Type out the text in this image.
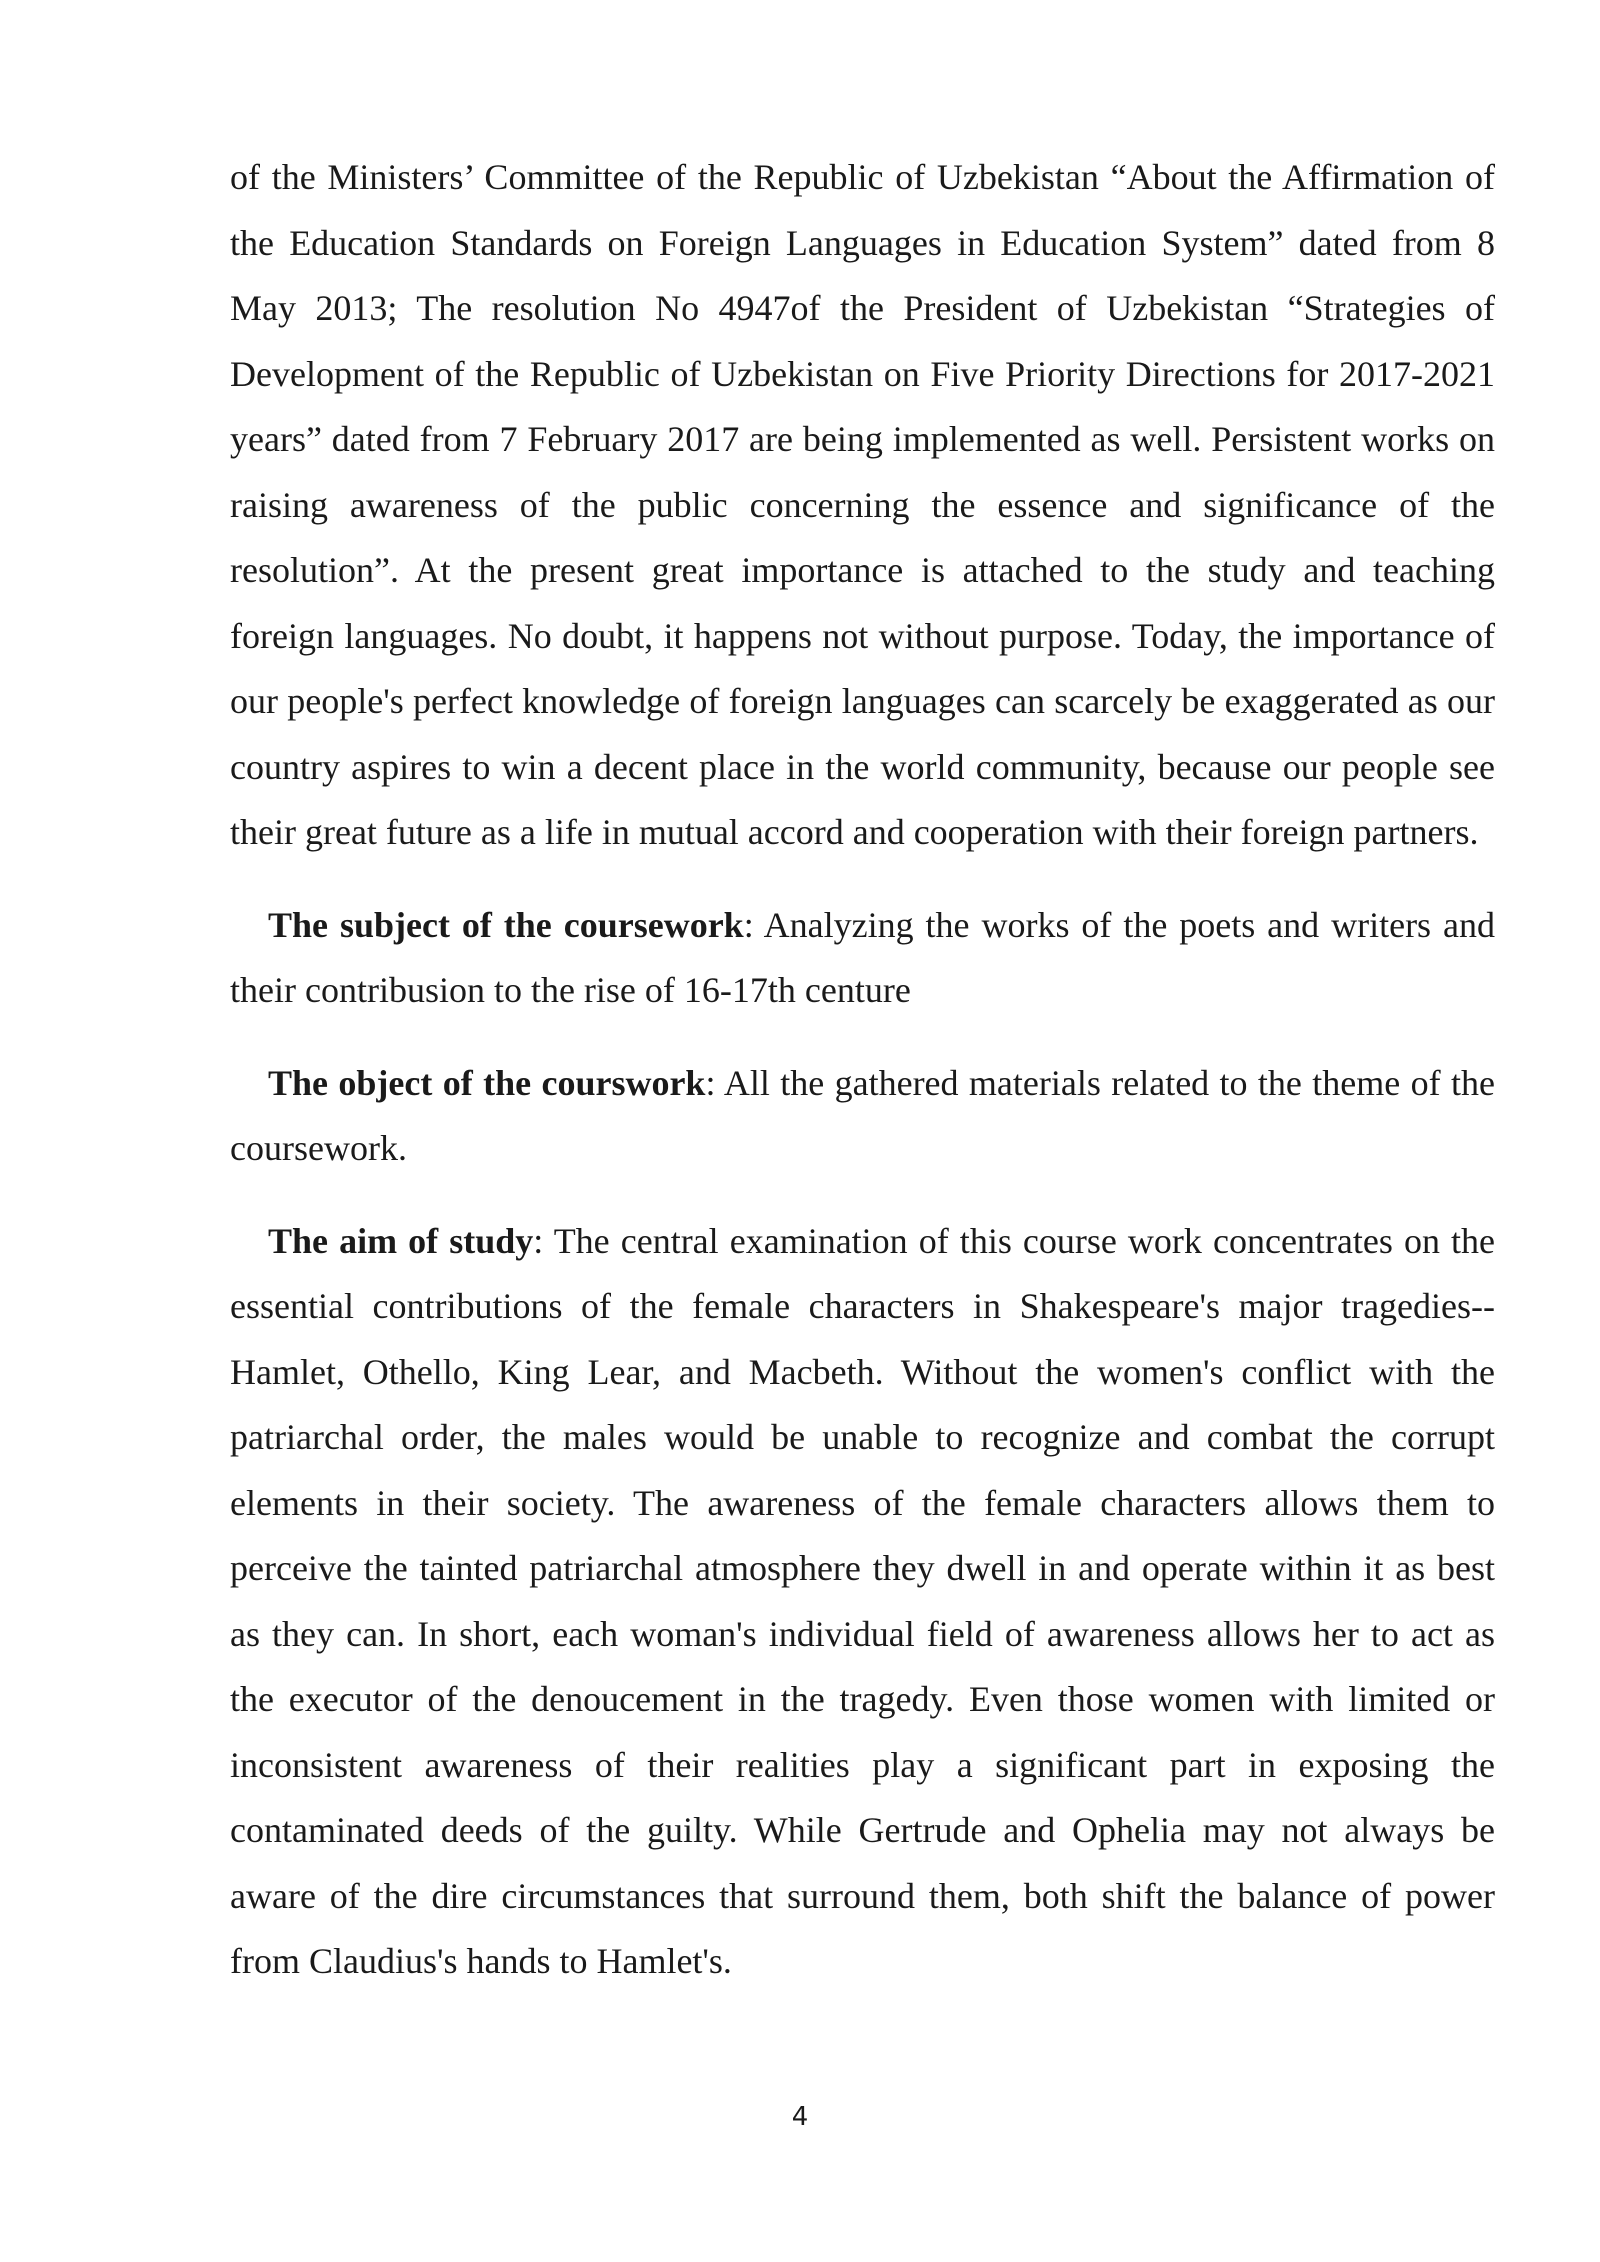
of the Ministers’ Committee of the Republic of Uzbekistan “About the Affirmation of the Education Standards on Foreign Languages in Education System” dated from 8 May 2013; The resolution No 4947of the President of Uzbekistan “Strategies of Development of the Republic of Uzbekistan on Five Priority Directions for 2017-2021 years” dated from 7 February 2017 are being implemented as well. Persistent works on raising awareness of the public concerning the essence and significance of the resolution”. At the present great importance is attached to the study and teaching foreign languages. No doubt, it happens not without purpose. Today, the importance of our people's perfect knowledge of foreign languages can scarcely be exaggerated as our country aspires to win a decent place in the world community, because our people see their great future as a life in mutual accord and cooperation with their foreign partners.

The subject of the coursework: Analyzing the works of the poets and writers and their contribusion to the rise of 16-17th centure

The object of the courswork: All the gathered materials related to the theme of the coursework.

The aim of study: The central examination of this course work concentrates on the essential contributions of the female characters in Shakespeare's major tragedies--Hamlet, Othello, King Lear, and Macbeth. Without the women's conflict with the patriarchal order, the males would be unable to recognize and combat the corrupt elements in their society. The awareness of the female characters allows them to perceive the tainted patriarchal atmosphere they dwell in and operate within it as best as they can. In short, each woman's individual field of awareness allows her to act as the executor of the denoucement in the tragedy. Even those women with limited or inconsistent awareness of their realities play a significant part in exposing the contaminated deeds of the guilty. While Gertrude and Ophelia may not always be aware of the dire circumstances that surround them, both shift the balance of power from Claudius's hands to Hamlet's.

4
